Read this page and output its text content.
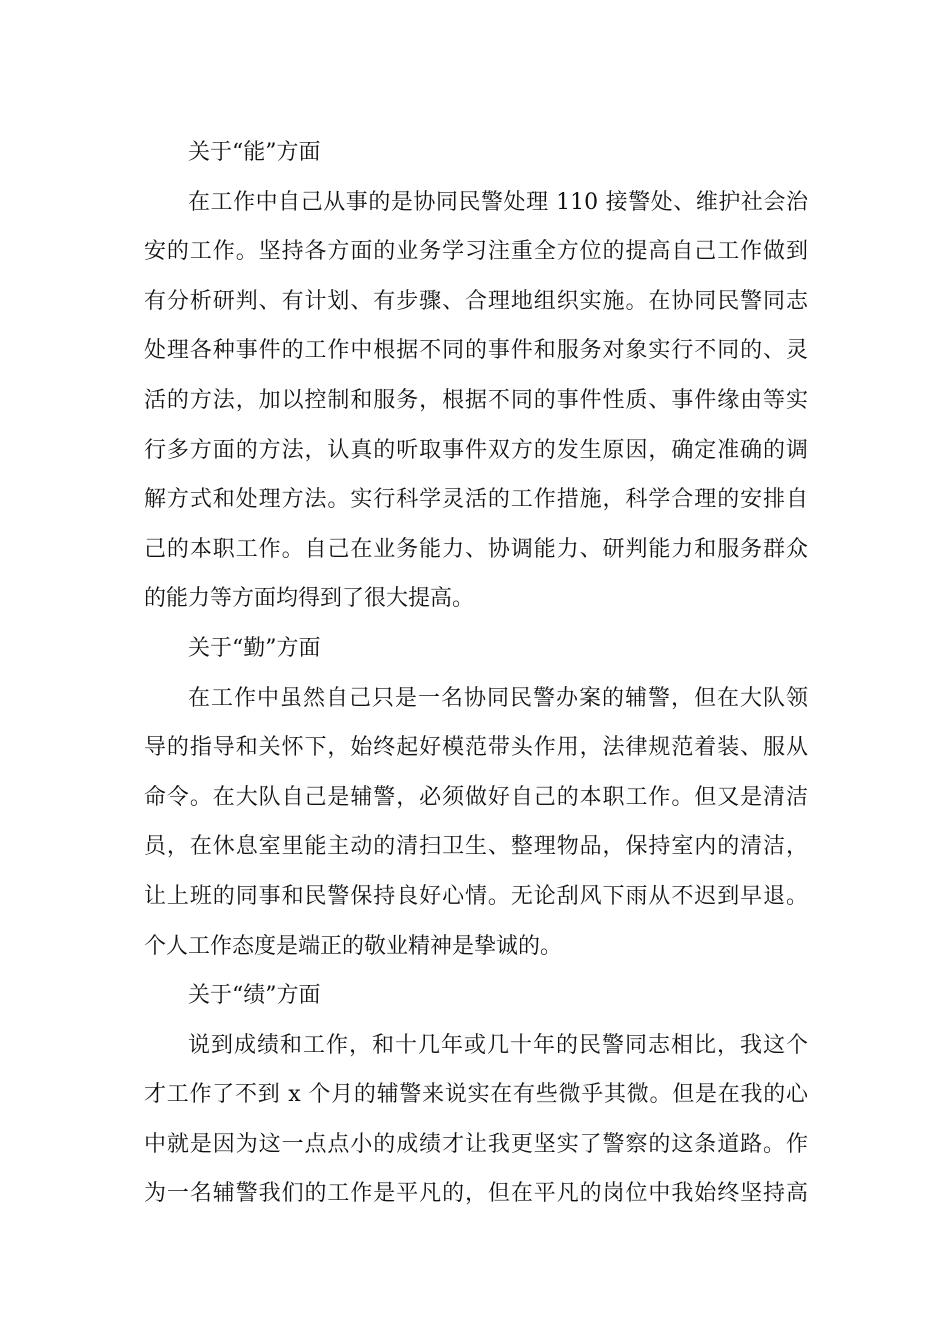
关于“能”方面
在工作中自己从事的是协同民警处理 110 接警处、维护社会治
安的工作。坚持各方面的业务学习注重全方位的提高自己工作做到
有分析研判、有计划、有步骤、合理地组织实施。在协同民警同志
处理各种事件的工作中根据不同的事件和服务对象实行不同的、灵
活的方法，加以控制和服务，根据不同的事件性质、事件缘由等实
行多方面的方法，认真的听取事件双方的发生原因，确定准确的调
解方式和处理方法。实行科学灵活的工作措施，科学合理的安排自
己的本职工作。自己在业务能力、协调能力、研判能力和服务群众
的能力等方面均得到了很大提高。
关于“勤”方面
在工作中虽然自己只是一名协同民警办案的辅警，但在大队领
导的指导和关怀下，始终起好模范带头作用，法律规范着装、服从
命令。在大队自己是辅警，必须做好自己的本职工作。但又是清洁
员，在休息室里能主动的清扫卫生、整理物品，保持室内的清洁，
让上班的同事和民警保持良好心情。无论刮风下雨从不迟到早退。
个人工作态度是端正的敬业精神是挚诚的。
关于“绩”方面
说到成绩和工作，和十几年或几十年的民警同志相比，我这个
才工作了不到 x 个月的辅警来说实在有些微乎其微。但是在我的心
中就是因为这一点点小的成绩才让我更坚实了警察的这条道路。作
为一名辅警我们的工作是平凡的，但在平凡的岗位中我始终坚持高
